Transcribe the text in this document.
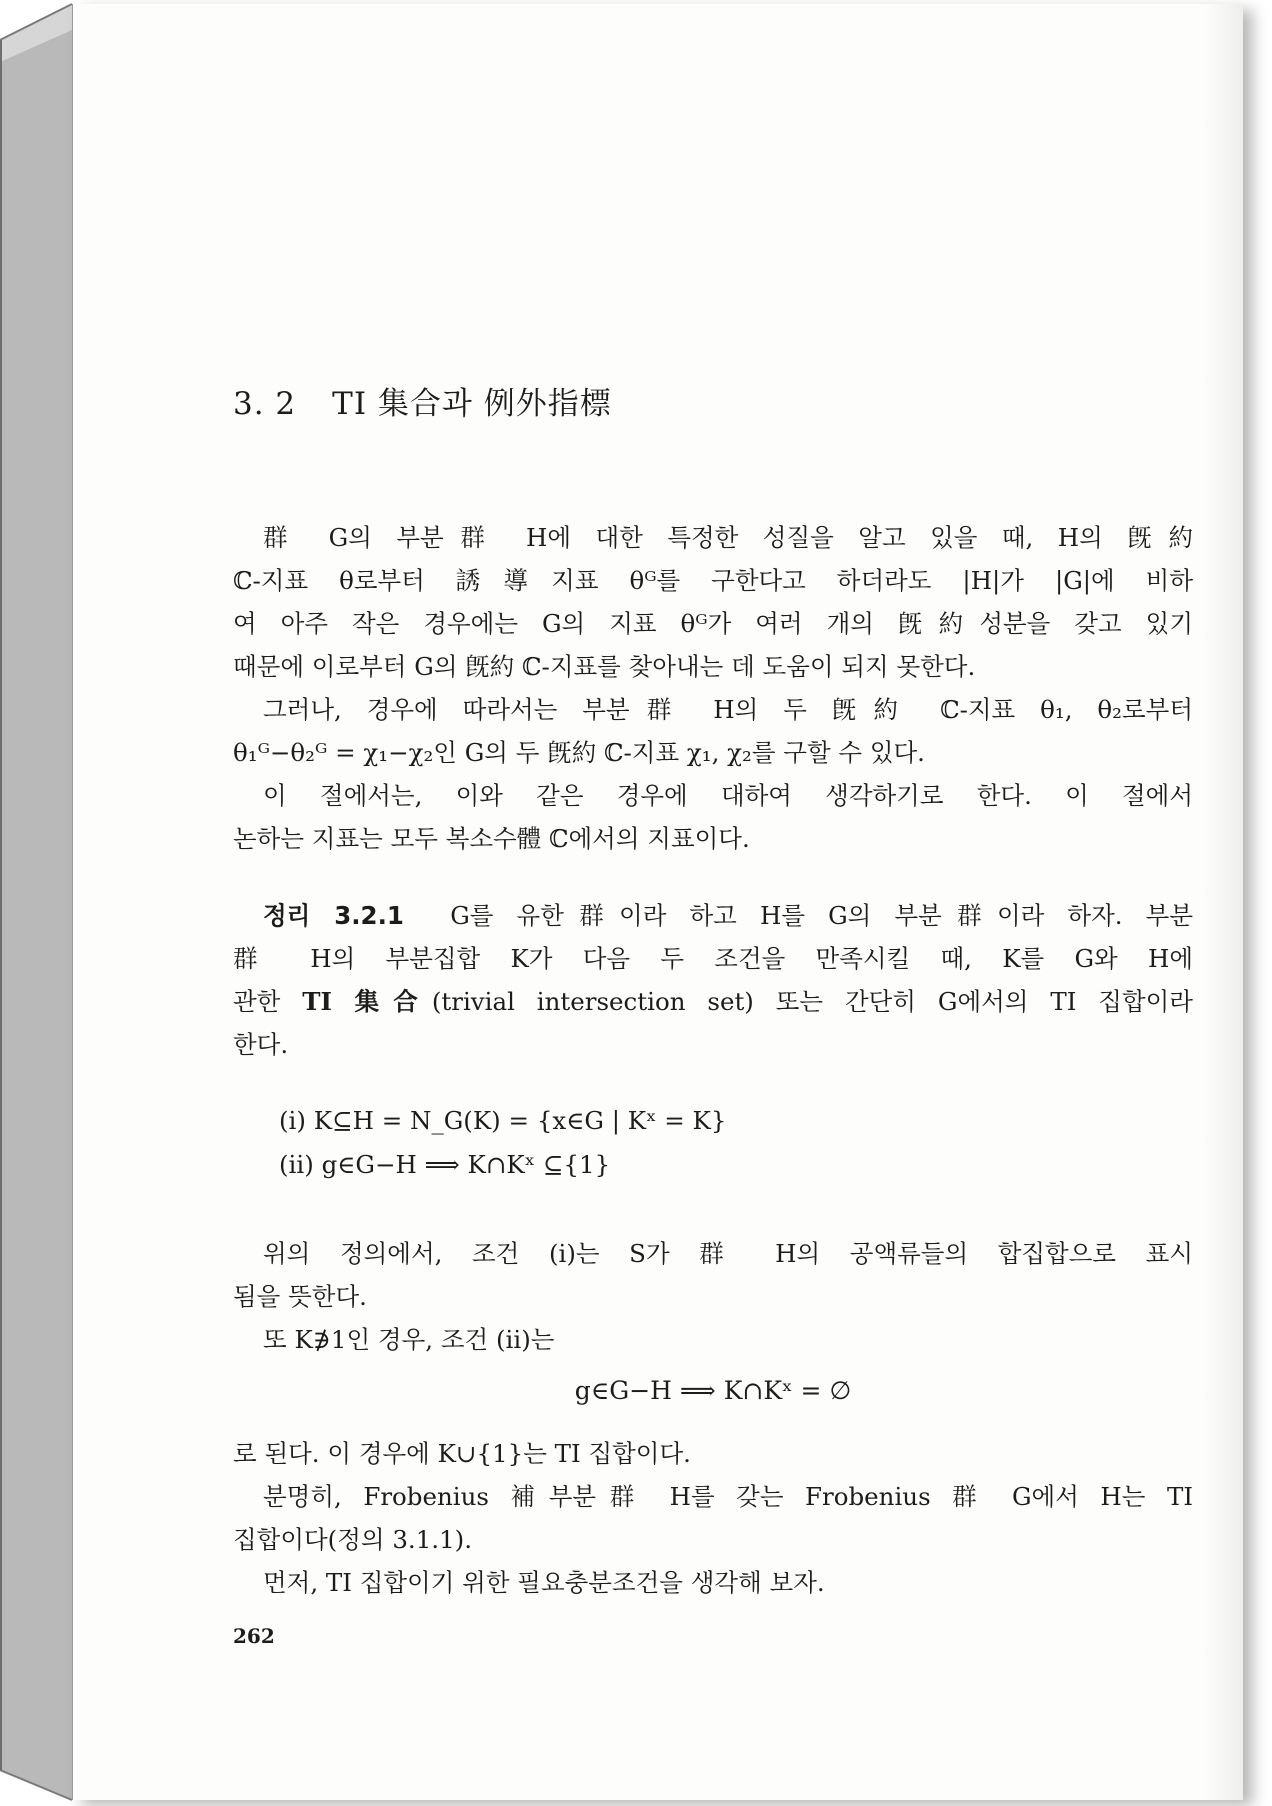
3. 2 TI 集合과 例外指標
群 G의 부분群 H에 대한 특정한 성질을 알고 있을 때, H의 旣約
ℂ-지표 θ로부터 誘導지표 θᴳ를 구한다고 하더라도 |H|가 |G|에 비하
여 아주 작은 경우에는 G의 지표 θᴳ가 여러 개의 旣約성분을 갖고 있기
때문에 이로부터 G의 旣約 ℂ-지표를 찾아내는 데 도움이 되지 못한다.
그러나, 경우에 따라서는 부분群 H의 두 旣約 ℂ-지표 θ₁, θ₂로부터
θ₁ᴳ−θ₂ᴳ = χ₁−χ₂인 G의 두 旣約 ℂ-지표 χ₁, χ₂를 구할 수 있다.
이 절에서는, 이와 같은 경우에 대하여 생각하기로 한다. 이 절에서
논하는 지표는 모두 복소수體 ℂ에서의 지표이다.
정리 3.2.1 G를 유한群이라 하고 H를 G의 부분群이라 하자. 부분
群 H의 부분집합 K가 다음 두 조건을 만족시킬 때, K를 G와 H에
관한 TI 集合(trivial intersection set) 또는 간단히 G에서의 TI 집합이라
한다.
(i) K⊆H = N_G(K) = {x∈G | Kˣ = K}
(ii) g∈G−H ⟹ K∩Kˣ ⊆{1}
위의 정의에서, 조건 (i)는 S가 群 H의 공액류들의 합집합으로 표시
됨을 뜻한다.
또 K∌1인 경우, 조건 (ii)는
g∈G−H ⟹ K∩Kˣ = ∅
로 된다. 이 경우에 K∪{1}는 TI 집합이다.
분명히, Frobenius 補부분群 H를 갖는 Frobenius 群 G에서 H는 TI
집합이다(정의 3.1.1).
먼저, TI 집합이기 위한 필요충분조건을 생각해 보자.
262
